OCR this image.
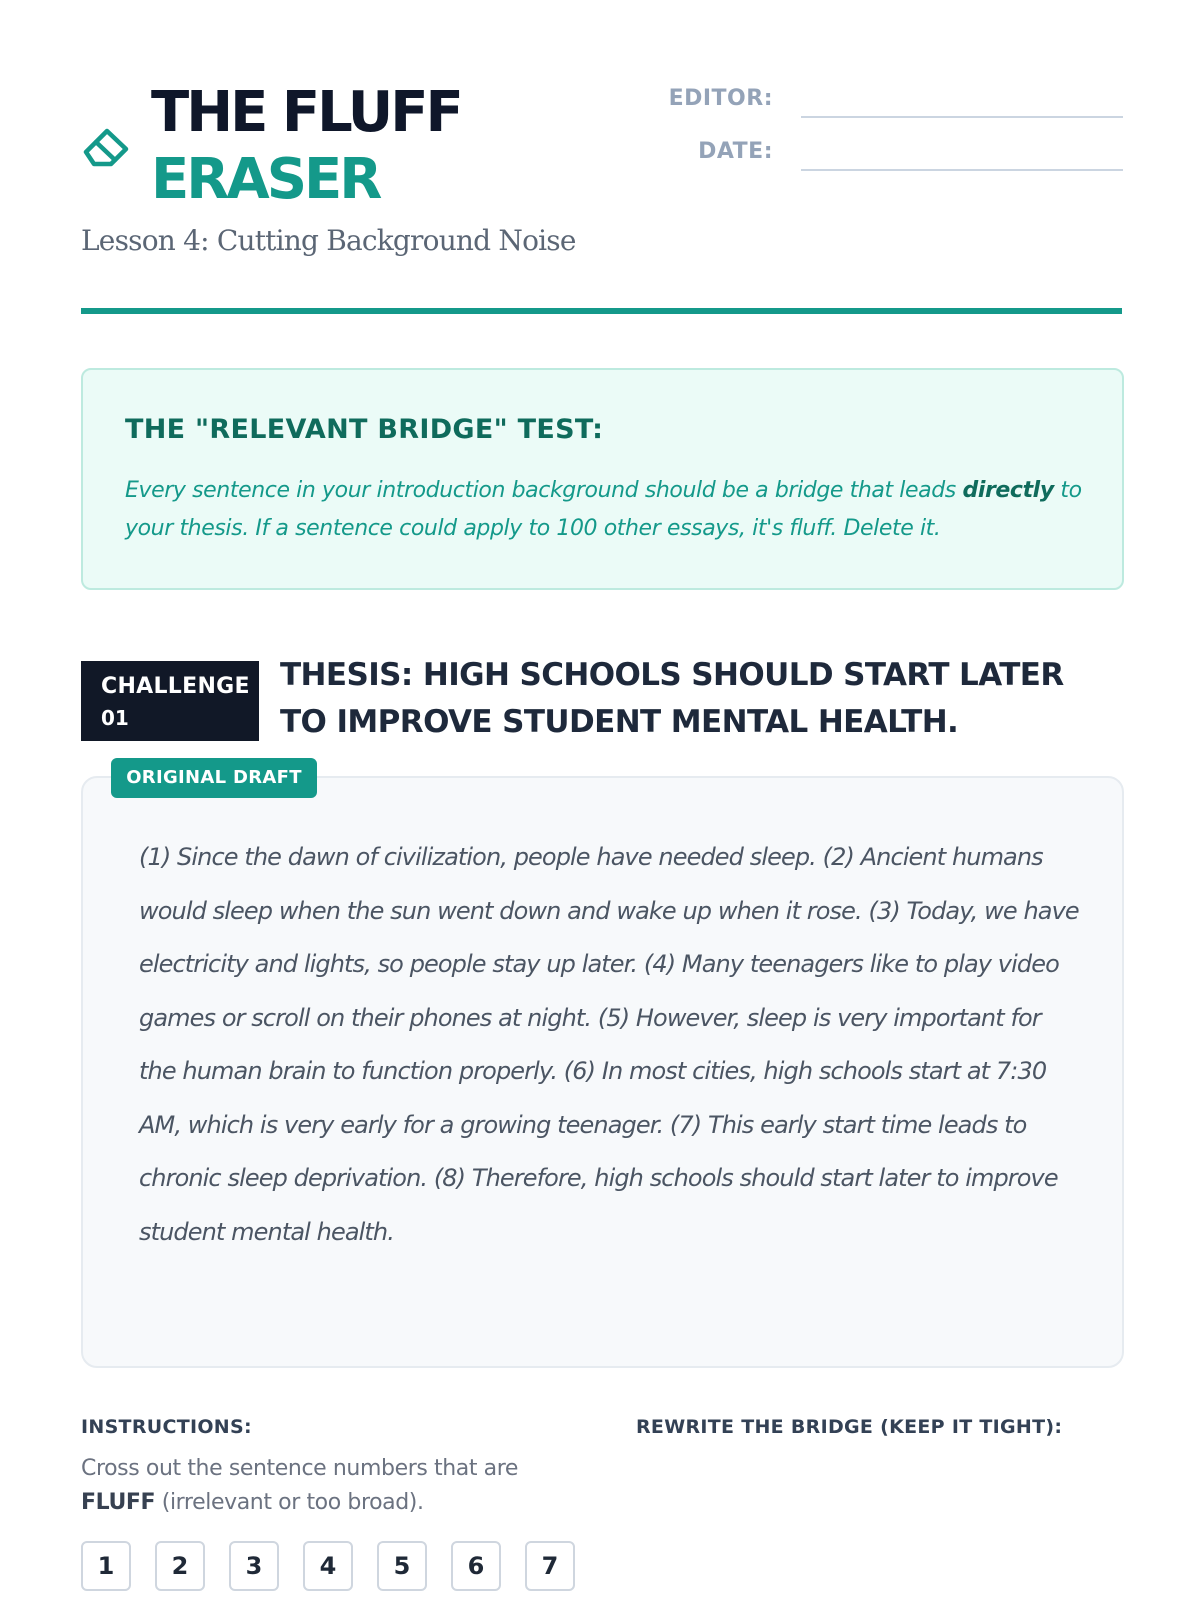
THE FLUFF
ERASER

Lesson 4: Cutting Background Noise

EDITOR:
DATE:
THE "RELEVANT BRIDGE" TEST:

Every sentence in your introduction background should be a bridge that leads directly to your thesis. If a sentence could apply to 100 other essays, it's fluff. Delete it.

CHALLENGE
01
THESIS: HIGH SCHOOLS SHOULD START LATER TO IMPROVE STUDENT MENTAL HEALTH.
ORIGINAL DRAFT

(1) Since the dawn of civilization, people have needed sleep. (2) Ancient humans would sleep when the sun went down and wake up when it rose. (3) Today, we have electricity and lights, so people stay up later. (4) Many teenagers like to play video games or scroll on their phones at night. (5) However, sleep is very important for the human brain to function properly. (6) In most cities, high schools start at 7:30 AM, which is very early for a growing teenager. (7) This early start time leads to chronic sleep deprivation. (8) Therefore, high schools should start later to improve student mental health.

INSTRUCTIONS:

Cross out the sentence numbers that are FLUFF (irrelevant or too broad).

1	2	3	4	5	6	7
REWRITE THE BRIDGE (KEEP IT TIGHT):
